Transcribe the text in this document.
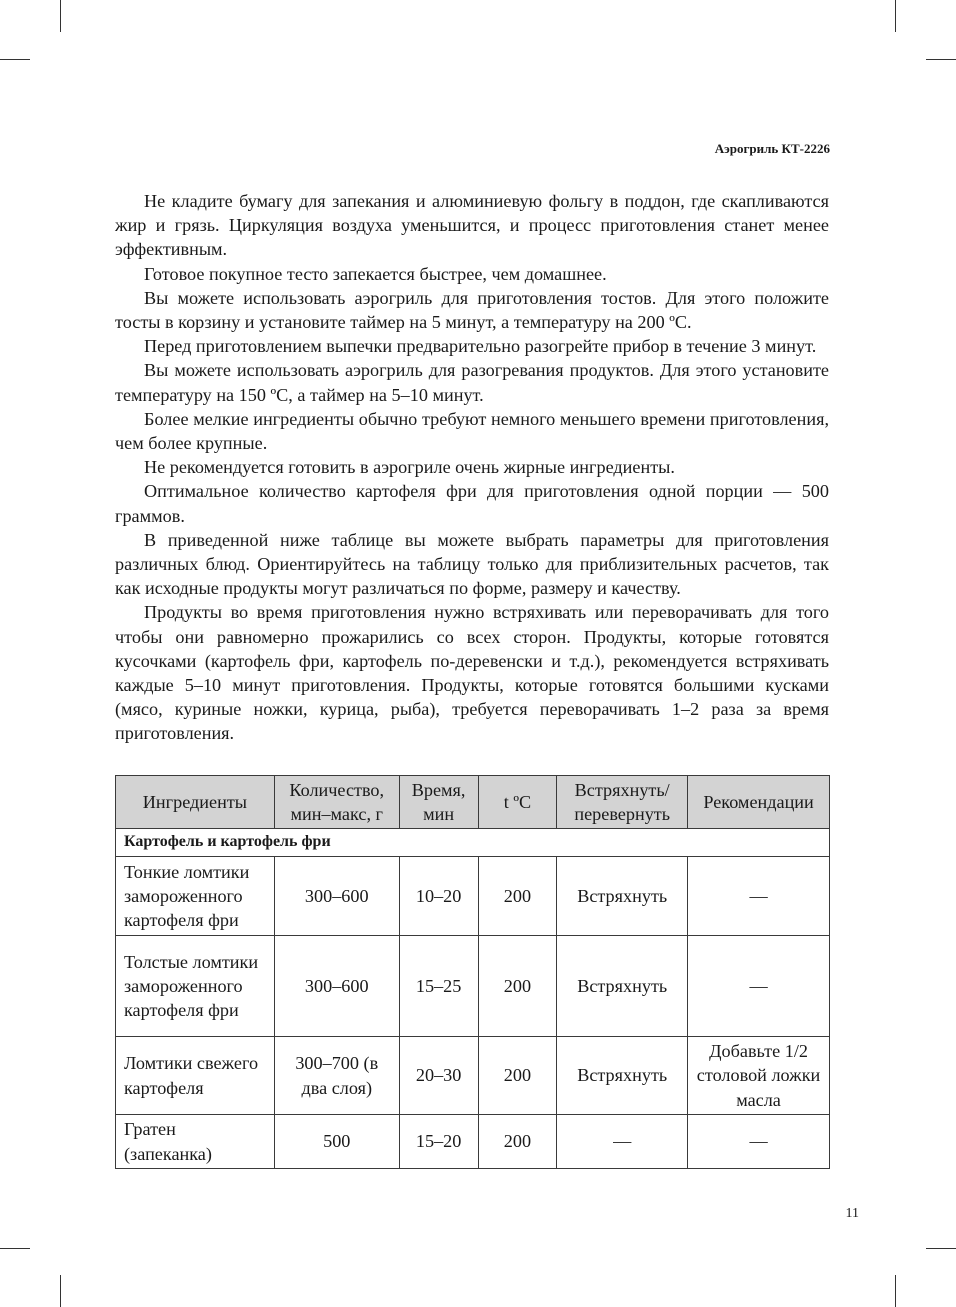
Аэрогриль КТ-2226

Не кладите бумагу для запекания и алюминиевую фольгу в поддон, где скапливаются жир и грязь. Циркуляция воздуха уменьшится, и процесс приготовления станет менее эффективным.

Готовое покупное тесто запекается быстрее, чем домашнее.

Вы можете использовать аэрогриль для приготовления тостов. Для этого положите тосты в корзину и установите таймер на 5 минут, а температуру на 200 ºС.

Перед приготовлением выпечки предварительно разогрейте прибор в течение 3 минут.

Вы можете использовать аэрогриль для разогревания продуктов. Для этого установите температуру на 150 ºС, а таймер на 5–10 минут.

Более мелкие ингредиенты обычно требуют немного меньшего времени приготовления, чем более крупные.

Не рекомендуется готовить в аэрогриле очень жирные ингредиенты.

Оптимальное количество картофеля фри для приготовления одной порции — 500 граммов.

В приведенной ниже таблице вы можете выбрать параметры для приготовления различных блюд. Ориентируйтесь на таблицу только для приблизительных расчетов, так как исходные продукты могут различаться по форме, размеру и качеству.

Продукты во время приготовления нужно встряхивать или переворачивать для того чтобы они равномерно прожарились со всех сторон. Продукты, которые готовятся кусочками (картофель фри, картофель по-деревенски и т.д.), рекомендуется встряхивать каждые 5–10 минут приготовления. Продукты, которые готовятся большими кусками (мясо, куриные ножки, курица, рыба), требуется переворачивать 1–2 раза за время приготовления.

Ингредиенты	Количество, мин–макс, г	Время, мин	t ºC	Встряхнуть/ перевернуть	Рекомендации
Картофель и картофель фри					
Тонкие ломтики замороженного картофеля фри	300–600	10–20	200	Встряхнуть	—
Толстые ломтики замороженного картофеля фри	300–600	15–25	200	Встряхнуть	—
Ломтики свежего картофеля	300–700 (в два слоя)	20–30	200	Встряхнуть	Добавьте 1/2 столовой ложки масла
Гратен (запеканка)	500	15–20	200	—	—
11
